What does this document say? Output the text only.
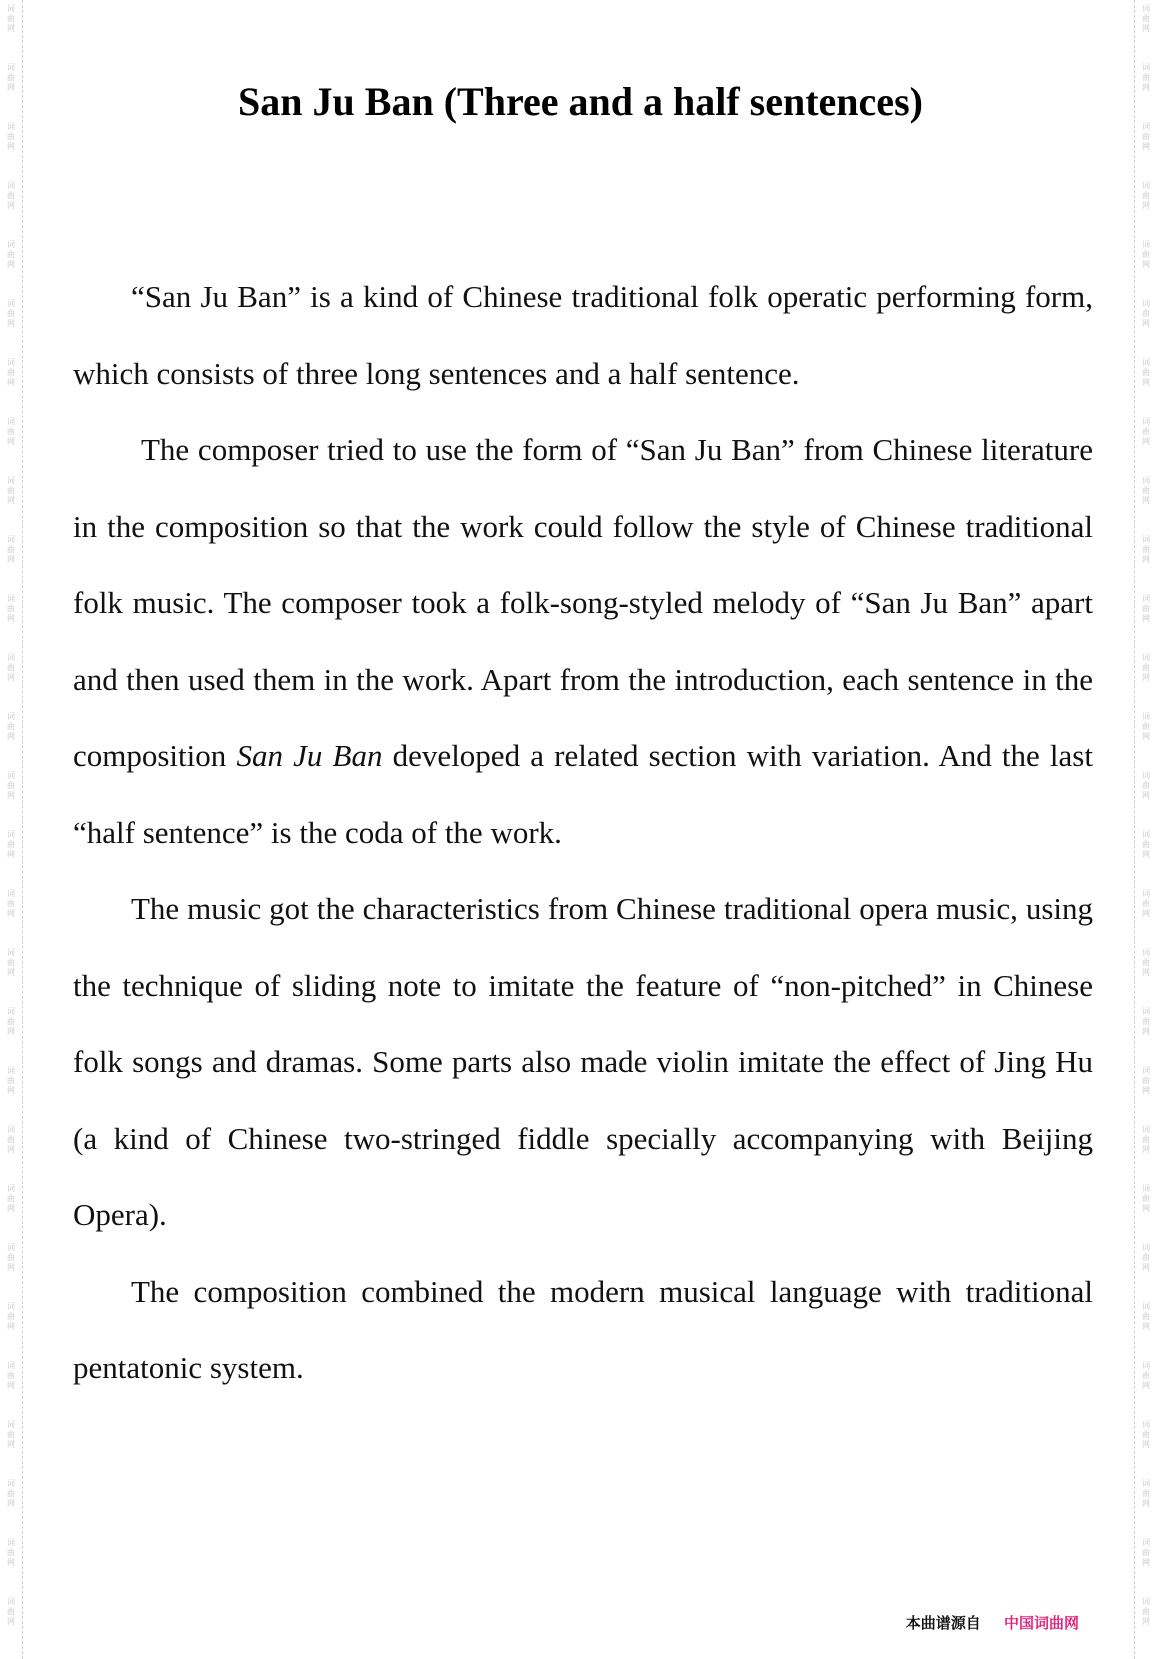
词
曲
网
词
曲
网
词
曲
网
词
曲
网
词
曲
网
词
曲
网
词
曲
网
词
曲
网
词
曲
网
词
曲
网
词
曲
网
词
曲
网
词
曲
网
词
曲
网
词
曲
网
词
曲
网
词
曲
网
词
曲
网
词
曲
网
词
曲
网
词
曲
网
词
曲
网
词
曲
网
词
曲
网
词
曲
网
词
曲
网
词
曲
网
词
曲
网
词
曲
网
词
曲
网
词
曲
网
词
曲
网
词
曲
网
词
曲
网
词
曲
网
词
曲
网
词
曲
网
词
曲
网
词
曲
网
词
曲
网
词
曲
网
词
曲
网
词
曲
网
词
曲
网
词
曲
网
词
曲
网
词
曲
网
词
曲
网
词
曲
网
词
曲
网
词
曲
网
词
曲
网
词
曲
网
词
曲
网
词
曲
网
词
曲
网
San Ju Ban (Three and a half sentences)

“San Ju Ban” is a kind of Chinese traditional folk operatic performing form, which consists of three long sentences and a half sentence.

The composer tried to use the form of “San Ju Ban” from Chinese literature in the composition so that the work could follow the style of Chinese traditional folk music. The composer took a folk-song-styled melody of “San Ju Ban” apart and then used them in the work. Apart from the introduction, each sentence in the composition San Ju Ban developed a related section with variation. And the last “half sentence” is the coda of the work.

The music got the characteristics from Chinese traditional opera music, using the technique of sliding note to imitate the feature of “non-pitched” in Chinese folk songs and dramas. Some parts also made violin imitate the effect of Jing Hu (a kind of Chinese two-stringed fiddle specially accompanying with Beijing Opera).

The composition combined the modern musical language with traditional pentatonic system.

本曲谱源自 中国词曲网
